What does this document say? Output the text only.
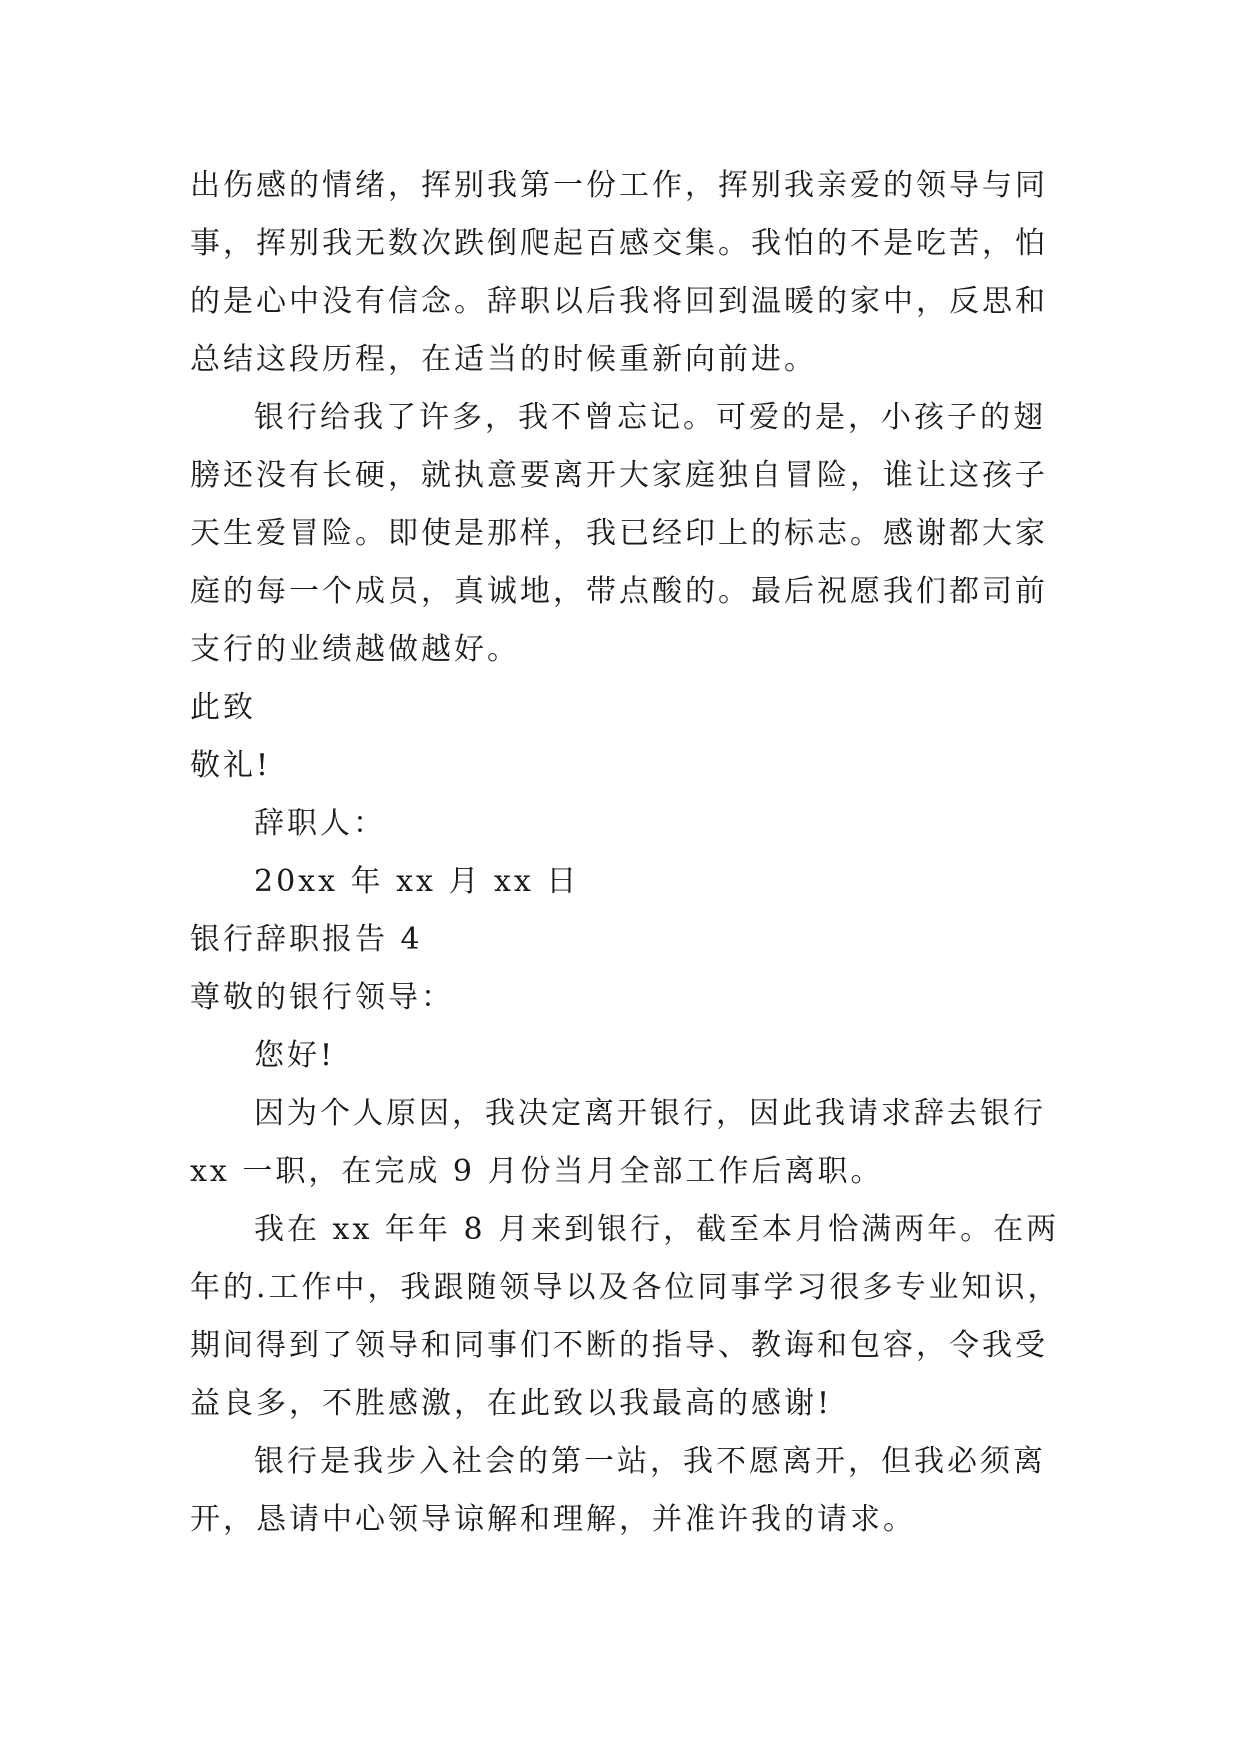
出伤感的情绪，挥别我第一份工作，挥别我亲爱的领导与同
事，挥别我无数次跌倒爬起百感交集。我怕的不是吃苦，怕
的是心中没有信念。辞职以后我将回到温暖的家中，反思和
总结这段历程，在适当的时候重新向前进。
银行给我了许多，我不曾忘记。可爱的是，小孩子的翅
膀还没有长硬，就执意要离开大家庭独自冒险，谁让这孩子
天生爱冒险。即使是那样，我已经印上的标志。感谢都大家
庭的每一个成员，真诚地，带点酸的。最后祝愿我们都司前
支行的业绩越做越好。
此致
敬礼!
辞职人：
20xx 年 xx 月 xx 日
银行辞职报告 4
尊敬的银行领导：
您好!
因为个人原因，我决定离开银行，因此我请求辞去银行
xx 一职，在完成 9 月份当月全部工作后离职。
我在 xx 年年 8 月来到银行，截至本月恰满两年。在两
年的.工作中，我跟随领导以及各位同事学习很多专业知识，
期间得到了领导和同事们不断的指导、教诲和包容，令我受
益良多，不胜感激，在此致以我最高的感谢!
银行是我步入社会的第一站，我不愿离开，但我必须离
开，恳请中心领导谅解和理解，并准许我的请求。
